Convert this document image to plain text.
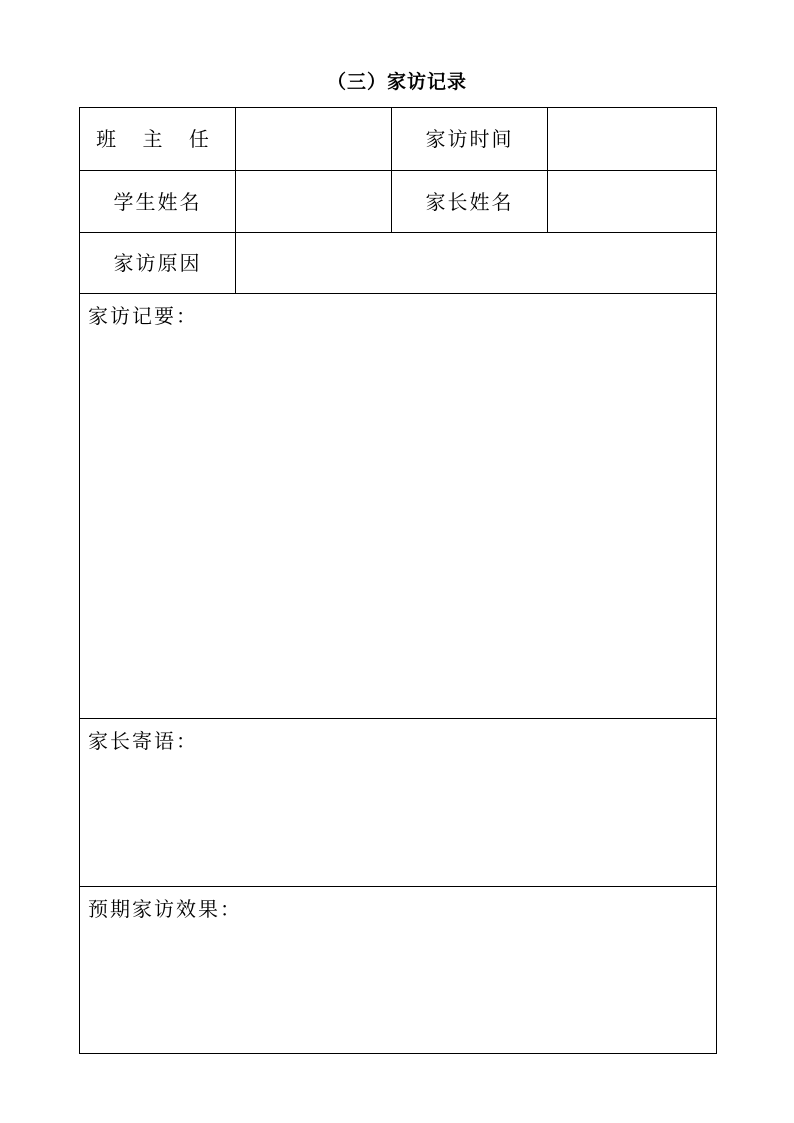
（三）家访记录
班 主 任		家访时间	
学生姓名		家长姓名	
家访原因			

家访记要：			

家长寄语：			

预期家访效果：			
